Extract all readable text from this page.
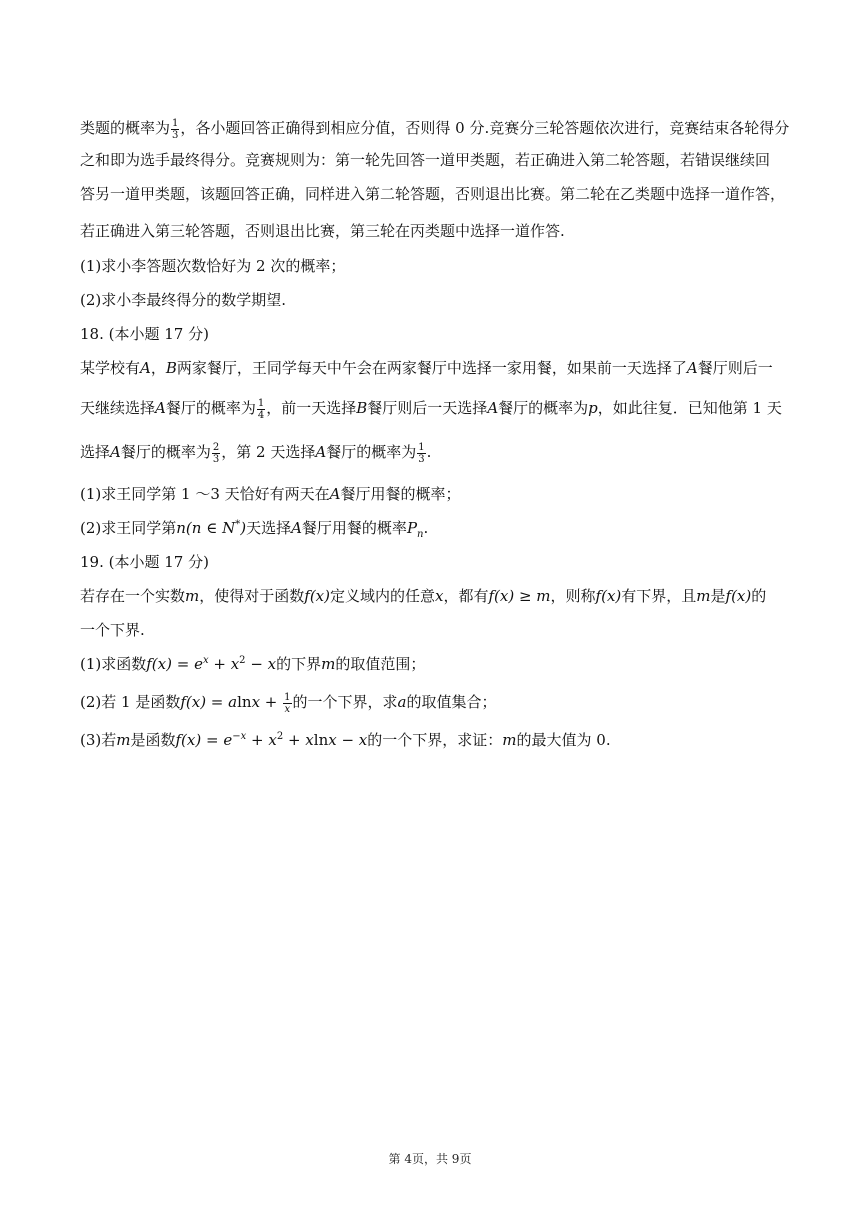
类题的概率为 $\frac{1}{3}$ ，各小题回答正确得到相应分值，否则得 0 分.竞赛分三轮答题依次进行，竞赛结束各轮得分
之和即为选手最终得分。竞赛规则为：第一轮先回答一道甲类题，若正确进入第二轮答题，若错误继续回
答另一道甲类题，该题回答正确，同样进入第二轮答题，否则退出比赛。第二轮在乙类题中选择一道作答，
若正确进入第三轮答题，否则退出比赛，第三轮在丙类题中选择一道作答.
(1)求小李答题次数恰好为 2 次的概率；
(2)求小李最终得分的数学期望.
18. (本小题 17 分)
某学校有A，B两家餐厅，王同学每天中午会在两家餐厅中选择一家用餐，如果前一天选择了A餐厅则后一
天继续选择A餐厅的概率为 $\frac{1}{4}$ ，前一天选择B餐厅则后一天选择A餐厅的概率为p，如此往复．已知他第 1 天
选择A餐厅的概率为 $\frac{2}{3}$ ，第 2 天选择A餐厅的概率为 $\frac{1}{3}$ .
(1)求王同学第 1 ～3 天恰好有两天在A餐厅用餐的概率；
(2)求王同学第n(n ∈ N*)天选择A餐厅用餐的概率$P_n$.
19. (本小题 17 分)
若存在一个实数m，使得对于函数f(x)定义域内的任意x，都有f(x) ≥ m，则称f(x)有下界，且m是f(x)的
一个下界.
(1)求函数$f(x) = e^x + x^2 - x$的下界m的取值范围；
(2)若 1 是函数$f(x) = alnx + \frac{1}{x}$ 的一个下界，求a的取值集合；
(3)若m是函数$f(x) = e^{-x} + x^2 + xlnx - x$的一个下界，求证：m的最大值为 0.
第 4页，共 9页
